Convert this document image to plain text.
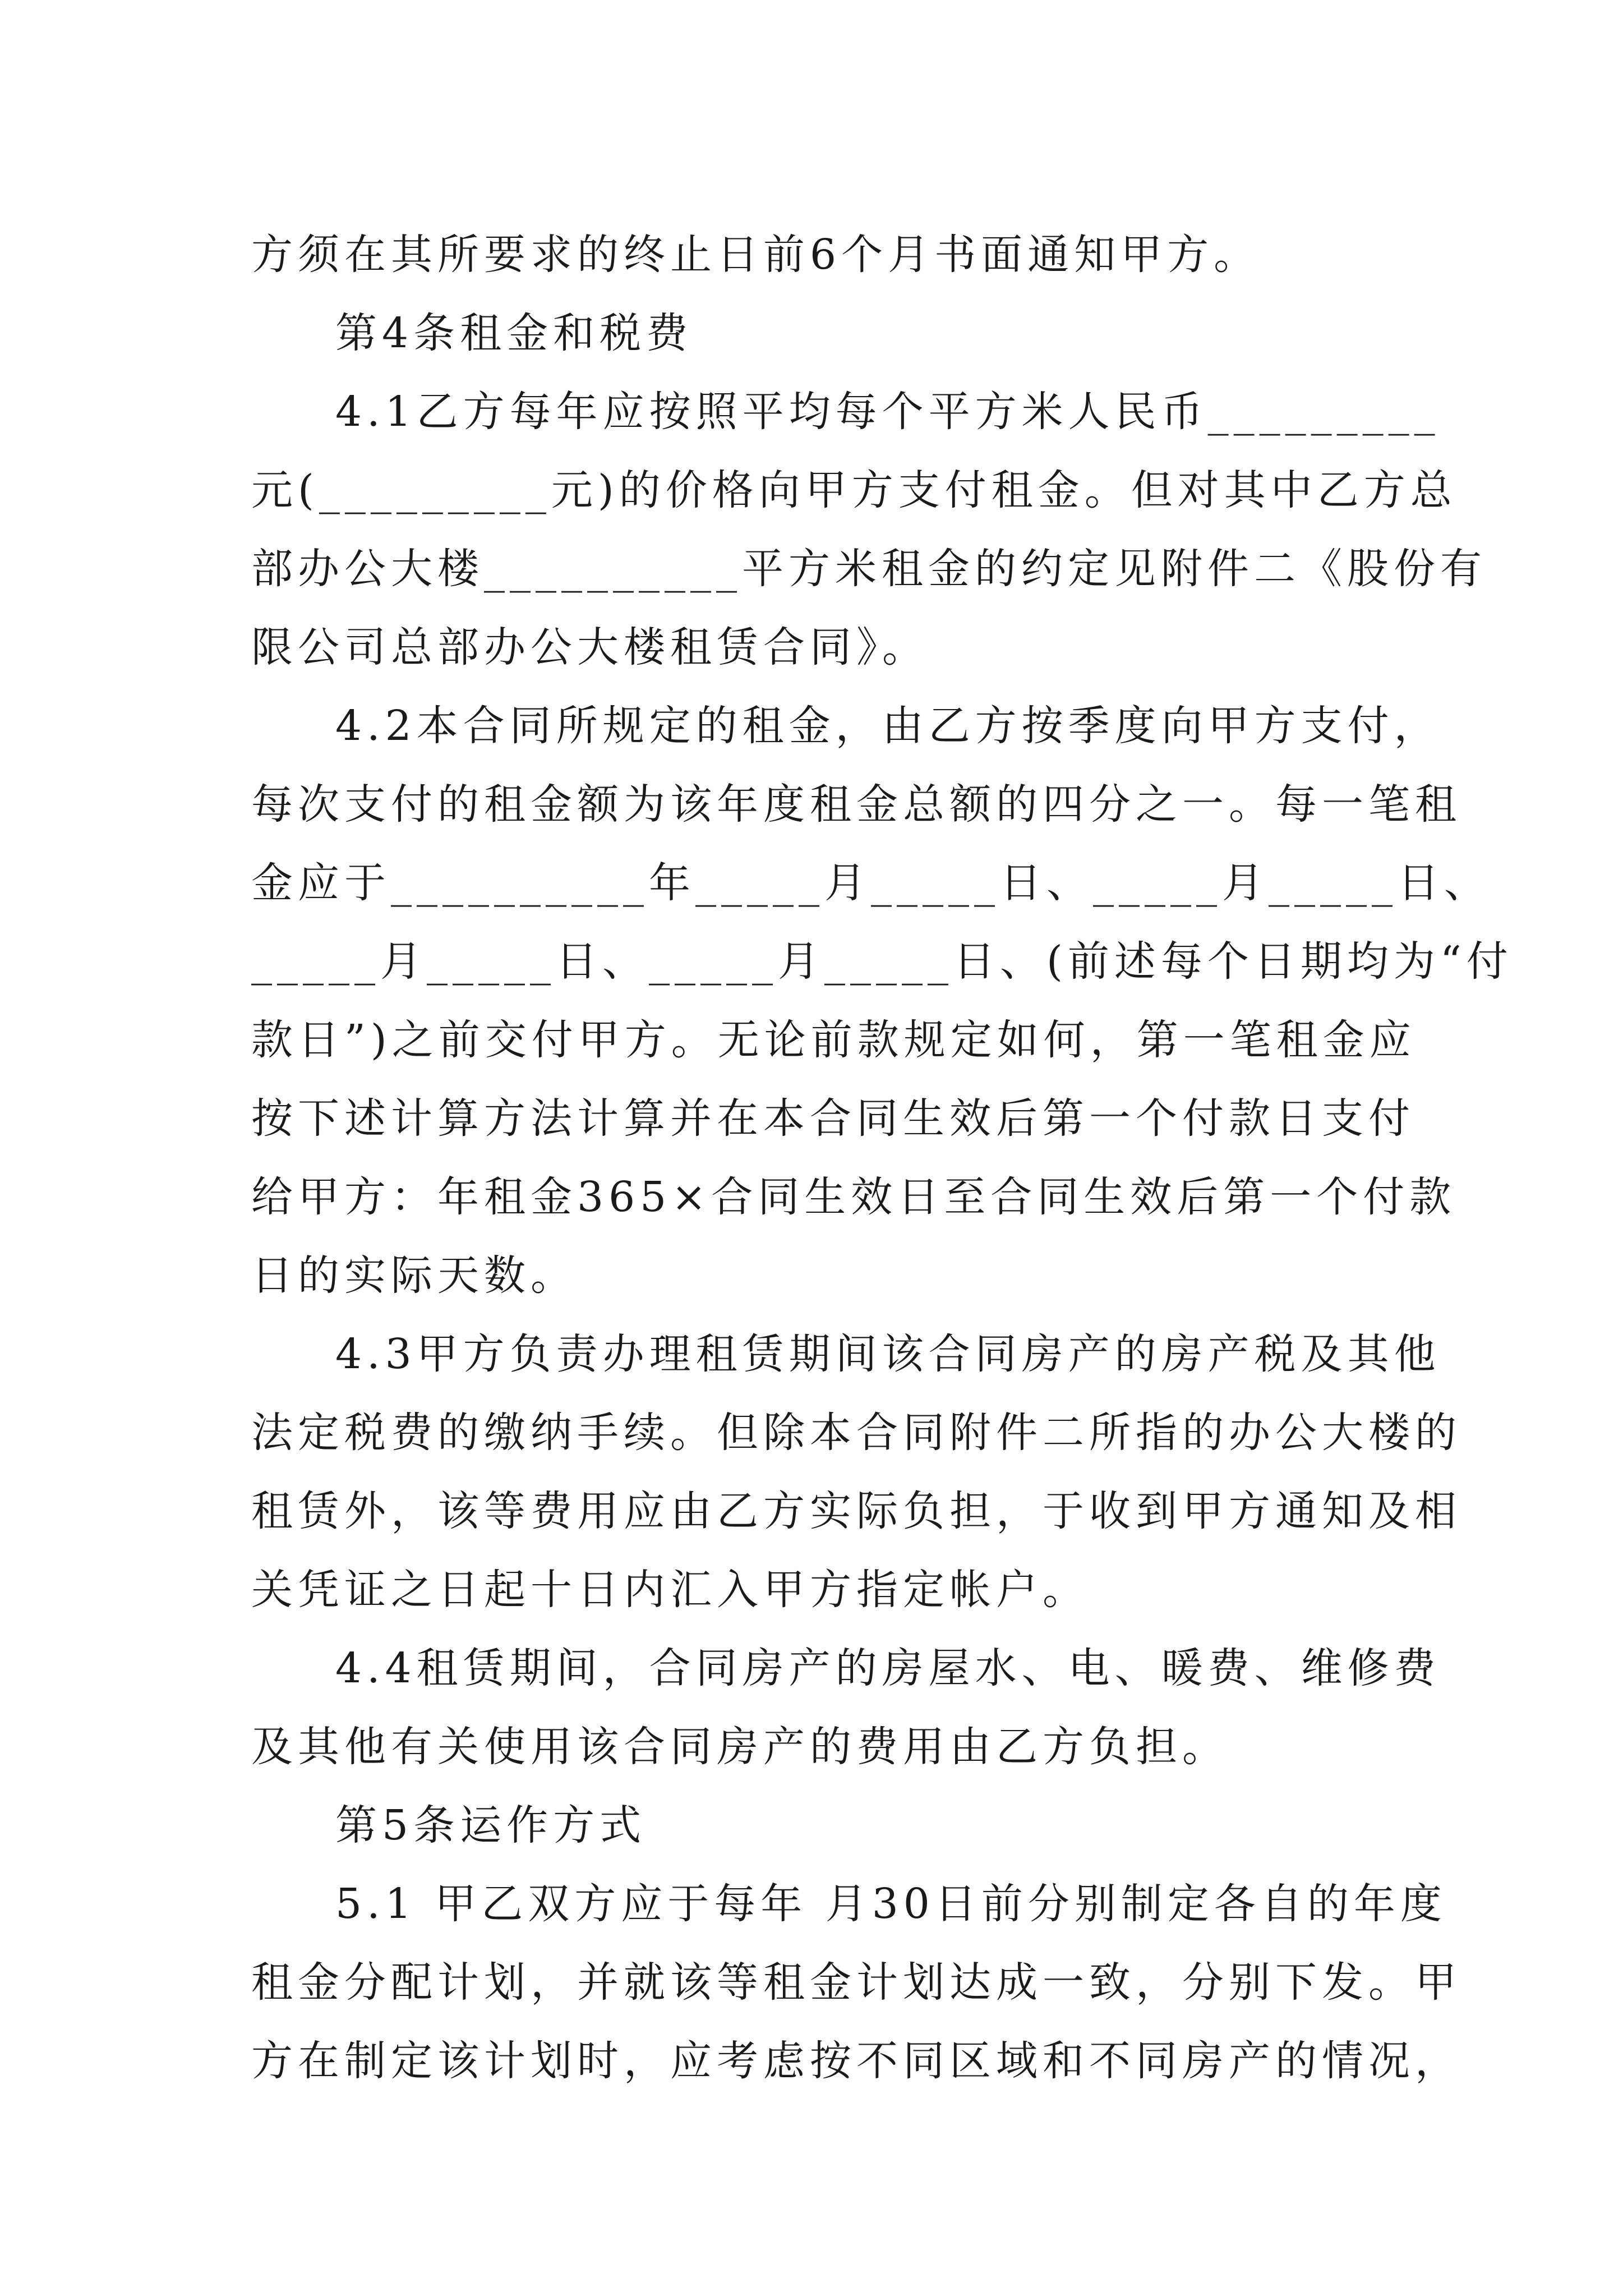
方须在其所要求的终止日前6个月书面通知甲方。
第4条租金和税费
4.1乙方每年应按照平均每个平方米人民币_________
元(_________元)的价格向甲方支付租金。但对其中乙方总
部办公大楼__________平方米租金的约定见附件二《股份有
限公司总部办公大楼租赁合同》。
4.2本合同所规定的租金，由乙方按季度向甲方支付，
每次支付的租金额为该年度租金总额的四分之一。每一笔租
金应于__________年_____月_____日、_____月_____日、
_____月_____日、_____月_____日、(前述每个日期均为“付
款日”)之前交付甲方。无论前款规定如何，第一笔租金应
按下述计算方法计算并在本合同生效后第一个付款日支付
给甲方：年租金365×合同生效日至合同生效后第一个付款
日的实际天数。
4.3甲方负责办理租赁期间该合同房产的房产税及其他
法定税费的缴纳手续。但除本合同附件二所指的办公大楼的
租赁外，该等费用应由乙方实际负担，于收到甲方通知及相
关凭证之日起十日内汇入甲方指定帐户。
4.4租赁期间，合同房产的房屋水、电、暖费、维修费
及其他有关使用该合同房产的费用由乙方负担。
第5条运作方式
5.1 甲乙双方应于每年 月30日前分别制定各自的年度
租金分配计划，并就该等租金计划达成一致，分别下发。甲
方在制定该计划时，应考虑按不同区域和不同房产的情况，
